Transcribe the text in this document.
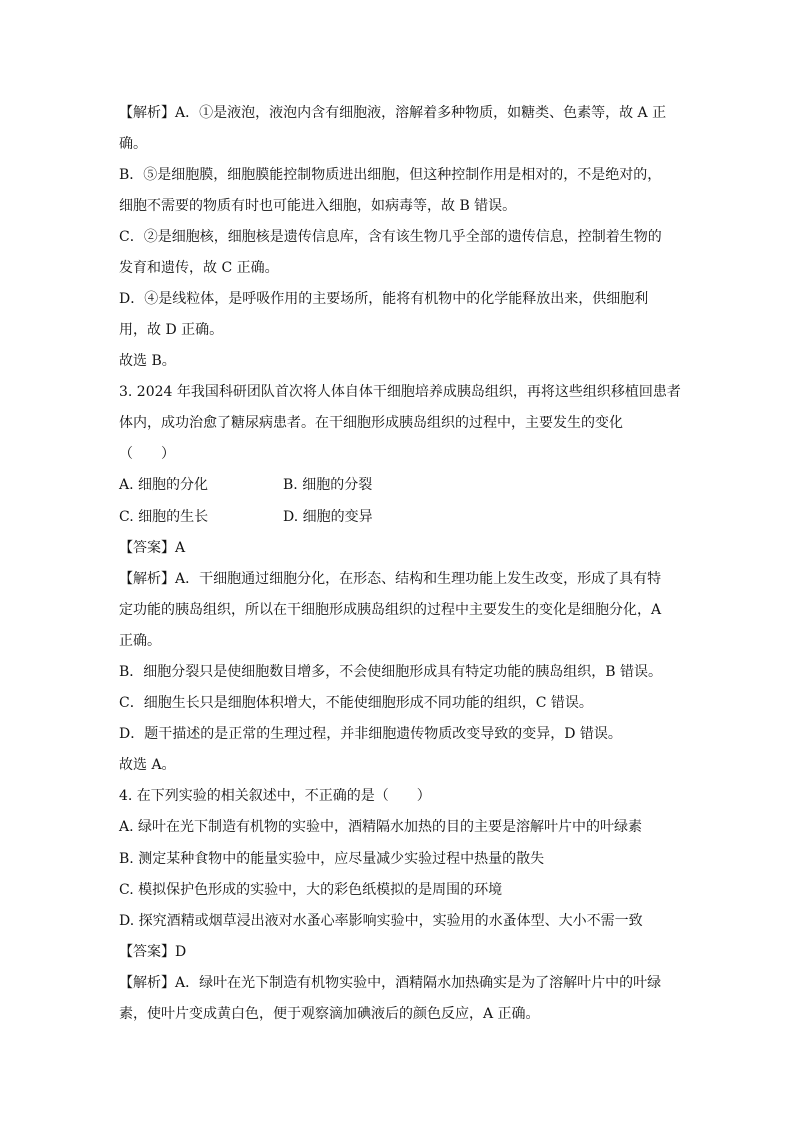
【解析】A．①是液泡，液泡内含有细胞液，溶解着多种物质，如糖类、色素等，故 A 正
确。
B．⑤是细胞膜，细胞膜能控制物质进出细胞，但这种控制作用是相对的，不是绝对的，
细胞不需要的物质有时也可能进入细胞，如病毒等，故 B 错误。
C．②是细胞核，细胞核是遗传信息库，含有该生物几乎全部的遗传信息，控制着生物的
发育和遗传，故 C 正确。
D．④是线粒体，是呼吸作用的主要场所，能将有机物中的化学能释放出来，供细胞利
用，故 D 正确。
故选 B。
3. 2024 年我国科研团队首次将人体自体干细胞培养成胰岛组织，再将这些组织移植回患者
体内，成功治愈了糖尿病患者。在干细胞形成胰岛组织的过程中，主要发生的变化
（　　）
A. 细胞的分化	B. 细胞的分裂
C. 细胞的生长	D. 细胞的变异
【答案】A
【解析】A．干细胞通过细胞分化，在形态、结构和生理功能上发生改变，形成了具有特
定功能的胰岛组织，所以在干细胞形成胰岛组织的过程中主要发生的变化是细胞分化，A
正确。
B．细胞分裂只是使细胞数目增多，不会使细胞形成具有特定功能的胰岛组织，B 错误。
C．细胞生长只是细胞体积增大，不能使细胞形成不同功能的组织，C 错误。
D．题干描述的是正常的生理过程，并非细胞遗传物质改变导致的变异，D 错误。
故选 A。
4. 在下列实验的相关叙述中，不正确的是（　　）
A. 绿叶在光下制造有机物的实验中，酒精隔水加热的目的主要是溶解叶片中的叶绿素
B. 测定某种食物中的能量实验中，应尽量减少实验过程中热量的散失
C. 模拟保护色形成的实验中，大的彩色纸模拟的是周围的环境
D. 探究酒精或烟草浸出液对水蚤心率影响实验中，实验用的水蚤体型、大小不需一致
【答案】D
【解析】A．绿叶在光下制造有机物实验中，酒精隔水加热确实是为了溶解叶片中的叶绿
素，使叶片变成黄白色，便于观察滴加碘液后的颜色反应，A 正确。
